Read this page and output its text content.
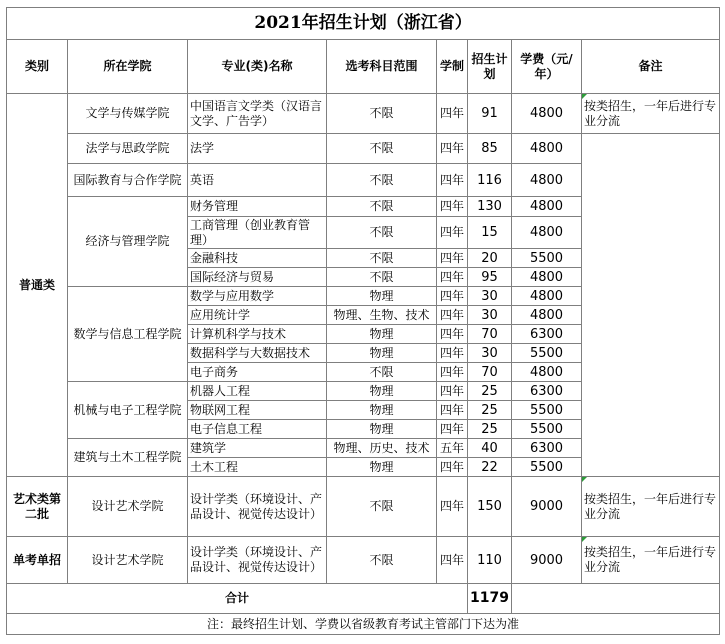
2021年招生计划（浙江省）							
类别	所在学院	专业(类)名称	选考科目范围	学制	招生计划	学费（元/年）	备注
普通类	文学与传媒学院	中国语言文学类（汉语言文学、广告学）	不限	四年	91	4800	按类招生，一年后进行专业分流
	法学与思政学院	法学	不限	四年	85	4800	
	国际教育与合作学院	英语	不限	四年	116	4800	
	经济与管理学院	财务管理	不限	四年	130	4800	
		工商管理（创业教育管理）	不限	四年	15	4800	
		金融科技	不限	四年	20	5500	
		国际经济与贸易	不限	四年	95	4800	
	数学与信息工程学院	数学与应用数学	物理	四年	30	4800	
		应用统计学	物理、生物、技术	四年	30	4800	
		计算机科学与技术	物理	四年	70	6300	
		数据科学与大数据技术	物理	四年	30	5500	
		电子商务	不限	四年	70	4800	
	机械与电子工程学院	机器人工程	物理	四年	25	6300	
		物联网工程	物理	四年	25	5500	
		电子信息工程	物理	四年	25	5500	
	建筑与土木工程学院	建筑学	物理、历史、技术	五年	40	6300	
		土木工程	物理	四年	22	5500	
艺术类第二批	设计艺术学院	设计学类（环境设计、产品设计、视觉传达设计）	不限	四年	150	9000	按类招生，一年后进行专业分流
单考单招	设计艺术学院	设计学类（环境设计、产品设计、视觉传达设计）	不限	四年	110	9000	按类招生，一年后进行专业分流
合计					1179		
注：最终招生计划、学费以省级教育考试主管部门下达为准							
